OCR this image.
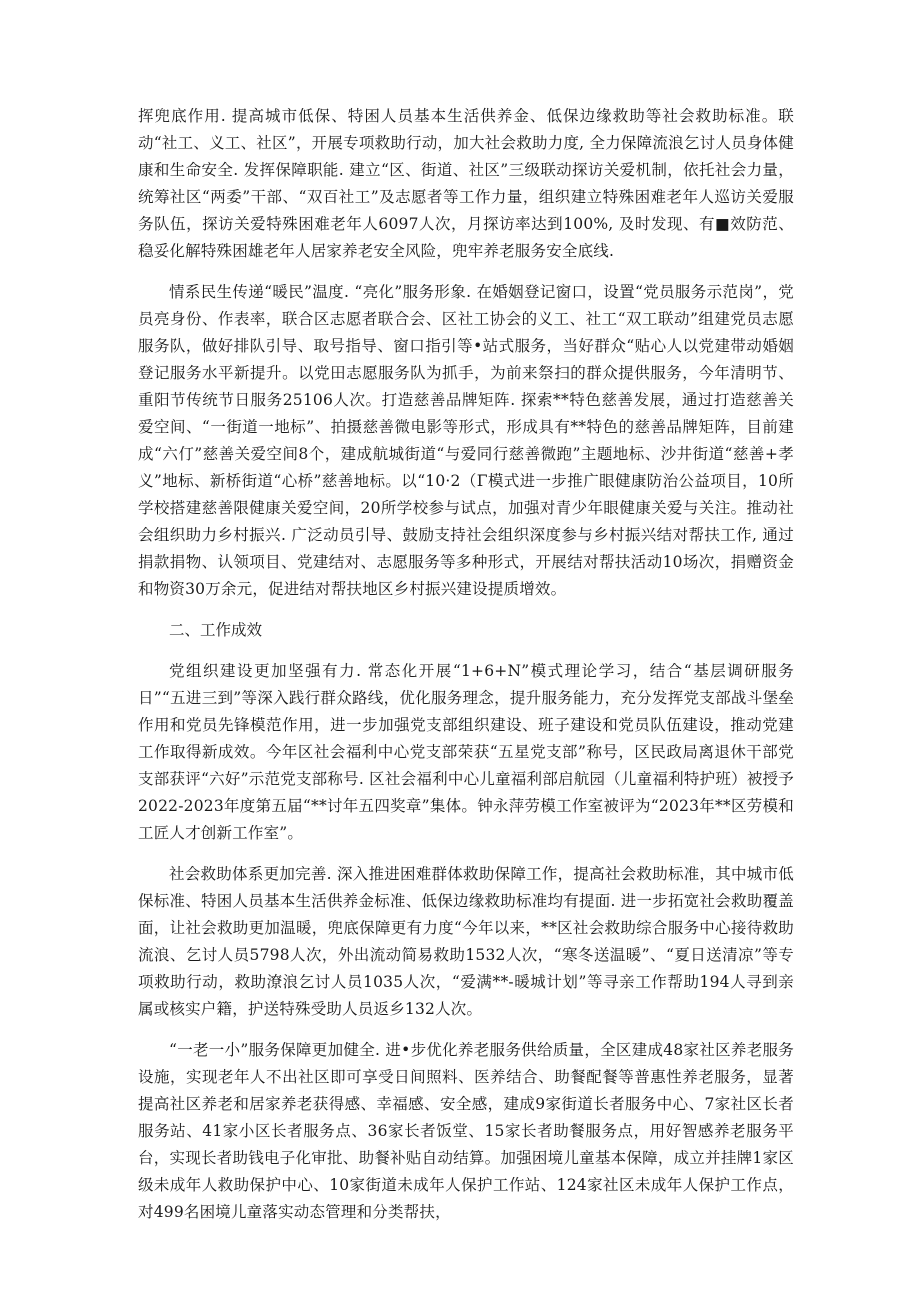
挥兜底作用. 提高城市低保、特困人员基本生活供养金、低保边缘救助等社会救助标准。联动“社工、义工、社区”，开展专项救助行动，加大社会救助力度, 全力保障流浪乞讨人员身体健康和生命安全. 发挥保障职能. 建立“区、街道、社区”三级联动探访关爱机制，依托社会力量，统筹社区“两委”干部、“双百社工”及志愿者等工作力量，组织建立特殊困难老年人巡访关爱服务队伍，探访关爱特殊困难老年人6097人次，月探访率达到100%, 及时发现、有■效防范、稳妥化解特殊困雄老年人居家养老安全风险，兜牢养老服务安全底线.

情系民生传递“暖民”温度. “亮化”服务形象. 在婚姻登记窗口，设置“党员服务示范岗”，党员亮身份、作表率，联合区志愿者联合会、区社工协会的义工、社工“双工联动”组建党员志愿服务队，做好排队引导、取号指导、窗口指引等•站式服务，当好群众“贴心人以党建带动婚姻登记服务水平新提升。以党田志愿服务队为抓手，为前来祭扫的群众提供服务，今年清明节、重阳节传统节日服务25106人次。打造慈善品牌矩阵. 探索**特色慈善发展，通过打造慈善关爱空间、“一街道一地标”、拍摄慈善微电影等形式，形成具有**特色的慈善品牌矩阵，目前建成“六仃”慈善关爱空间8个，建成航城街道“与爱同行慈善微跑”主题地标、沙井街道“慈善+孝义”地标、新桥街道“心桥”慈善地标。以“10·2（Γ模式进一步推广眼健康防治公益项目，10所学校搭建慈善限健康关爱空间，20所学校参与试点，加强对青少年眼健康关爱与关注。推动社会组织助力乡村振兴. 广泛动员引导、鼓励支持社会组织深度参与乡村振兴结对帮扶工作, 通过捐款捐物、认领项目、党建结对、志愿服务等多种形式，开展结对帮扶活动10场次，捐赠资金和物资30万余元，促进结对帮扶地区乡村振兴建设提质增效。

二、工作成效

党组织建设更加坚强有力. 常态化开展“1+6+N”模式理论学习，结合“基层调研服务日”“五进三到”等深入践行群众路线，优化服务理念，提升服务能力，充分发挥党支部战斗堡垒作用和党员先锋模范作用，进一步加强党支部组织建设、班子建设和党员队伍建设，推动党建工作取得新成效。今年区社会福利中心党支部荣获“五星党支部”称号，区民政局离退休干部党支部获评“六好”示范党支部称号. 区社会福利中心儿童福利部启航园（儿童福利特护班）被授予2022-2023年度第五届“**讨年五四奖章”集体。钟永萍劳模工作室被评为“2023年**区劳模和工匠人才创新工作室”。

社会救助体系更加完善. 深入推进困难群体救助保障工作，提高社会救助标准，其中城市低保标准、特困人员基本生活供养金标准、低保边缘救助标准均有提面. 进一步拓宽社会救助覆盖面，让社会救助更加温暖，兜底保障更有力度“今年以来，**区社会救助综合服务中心接待救助流浪、乞讨人员5798人次，外出流动简易救助1532人次，“寒冬送温暖”、“夏日送清凉”等专项救助行动，救助潦浪乞讨人员1035人次，“爱满**-暖城计划”等寻亲工作帮助194人寻到亲属或核实户籍，护送特殊受助人员返乡132人次。

“一老一小”服务保障更加健全. 进•步优化养老服务供给质量，全区建成48家社区养老服务设施，实现老年人不出社区即可享受日间照料、医养结合、助餐配餐等普惠性养老服务，显著提高社区养老和居家养老获得感、幸福感、安全感，建成9家街道长者服务中心、7家社区长者服务站、41家小区长者服务点、36家长者饭堂、15家长者助餐服务点，用好智感养老服务平台，实现长者助钱电子化审批、助餐补贴自动结算。加强困境儿童基本保障，成立并挂牌1家区级未成年人救助保护中心、10家街道未成年人保护工作站、124家社区未成年人保护工作点，对499名困境儿童落实动态管理和分类帮扶，
